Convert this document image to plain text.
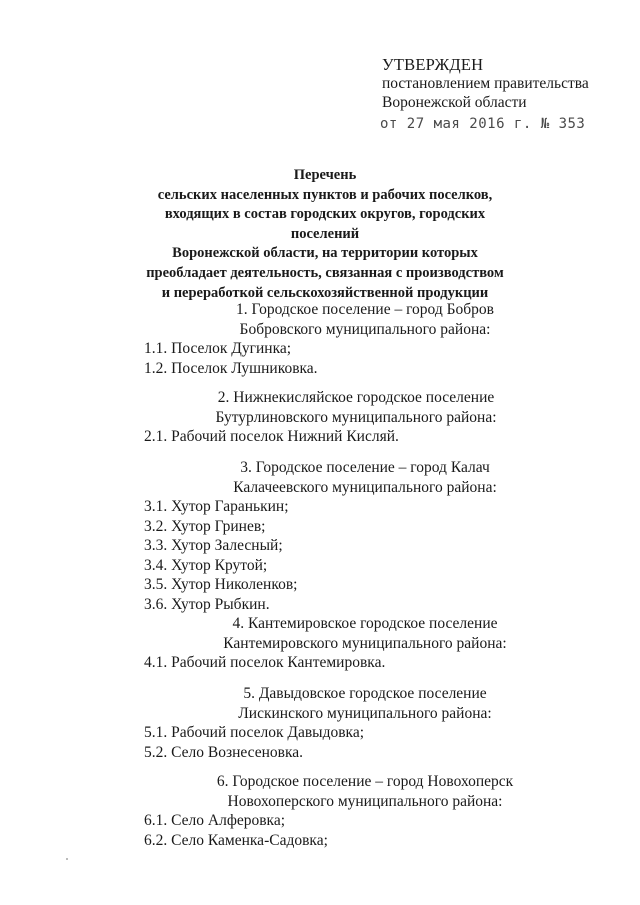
УТВЕРЖДЕН
постановлением правительства
Воронежской области
от 27 мая 2016 г. № 353
Перечень
сельских населенных пунктов и рабочих поселков,
входящих в состав городских округов, городских поселений
Воронежской области, на территории которых
преобладает деятельность, связанная с производством
и переработкой сельскохозяйственной продукции
1. Городское поселение – город Бобров
Бобровского муниципального района:
1.1. Поселок Дугинка;
1.2. Поселок Лушниковка.
2. Нижнекисляйское городское поселение
Бутурлиновского муниципального района:
2.1. Рабочий поселок Нижний Кисляй.
3. Городское поселение – город Калач
Калачеевского муниципального района:
3.1. Хутор Гаранькин;
3.2. Хутор Гринев;
3.3. Хутор Залесный;
3.4. Хутор Крутой;
3.5. Хутор Николенков;
3.6. Хутор Рыбкин.
4. Кантемировское городское поселение
Кантемировского муниципального района:
4.1. Рабочий поселок Кантемировка.
5. Давыдовское городское поселение
Лискинского муниципального района:
5.1. Рабочий поселок Давыдовка;
5.2. Село Вознесеновка.
6. Городское поселение – город Новохоперск
Новохоперского муниципального района:
6.1. Село Алферовка;
6.2. Село Каменка-Садовка;
